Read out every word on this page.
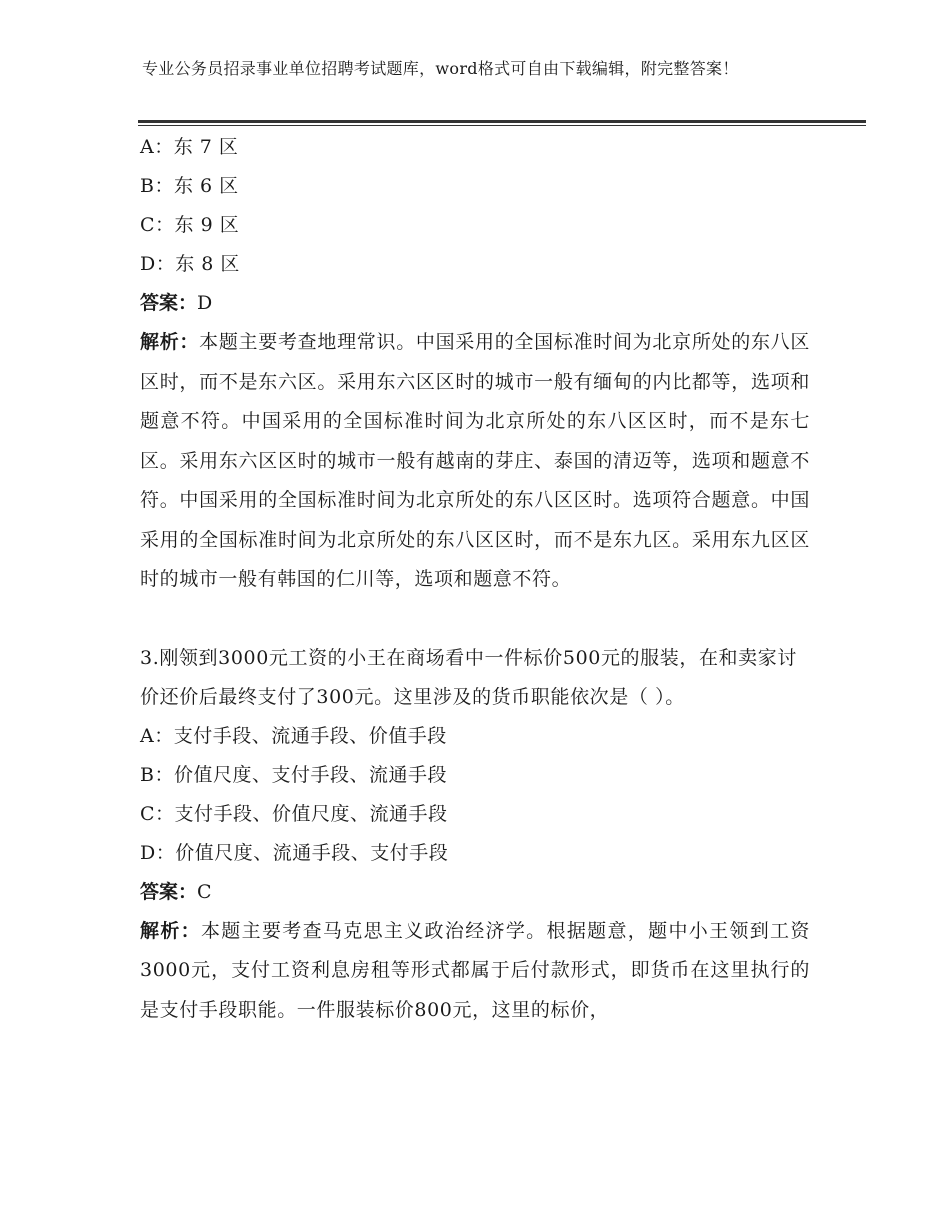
专业公务员招录事业单位招聘考试题库，word格式可自由下载编辑，附完整答案！
A：东 7 区
B：东 6 区
C：东 9 区
D：东 8 区
答案：D
解析：本题主要考查地理常识。中国采用的全国标准时间为北京所处的东八区区时，而不是东六区。采用东六区区时的城市一般有缅甸的内比都等，选项和题意不符。中国采用的全国标准时间为北京所处的东八区区时，而不是东七区。采用东六区区时的城市一般有越南的芽庄、泰国的清迈等，选项和题意不符。中国采用的全国标准时间为北京所处的东八区区时。选项符合题意。中国采用的全国标准时间为北京所处的东八区区时，而不是东九区。采用东九区区时的城市一般有韩国的仁川等，选项和题意不符。
3.刚领到3000元工资的小王在商场看中一件标价500元的服装，在和卖家讨价还价后最终支付了300元。这里涉及的货币职能依次是（ ）。
A：支付手段、流通手段、价值手段
B：价值尺度、支付手段、流通手段
C：支付手段、价值尺度、流通手段
D：价值尺度、流通手段、支付手段
答案：C
解析：本题主要考查马克思主义政治经济学。根据题意，题中小王领到工资3000元，支付工资利息房租等形式都属于后付款形式，即货币在这里执行的是支付手段职能。一件服装标价800元，这里的标价，
